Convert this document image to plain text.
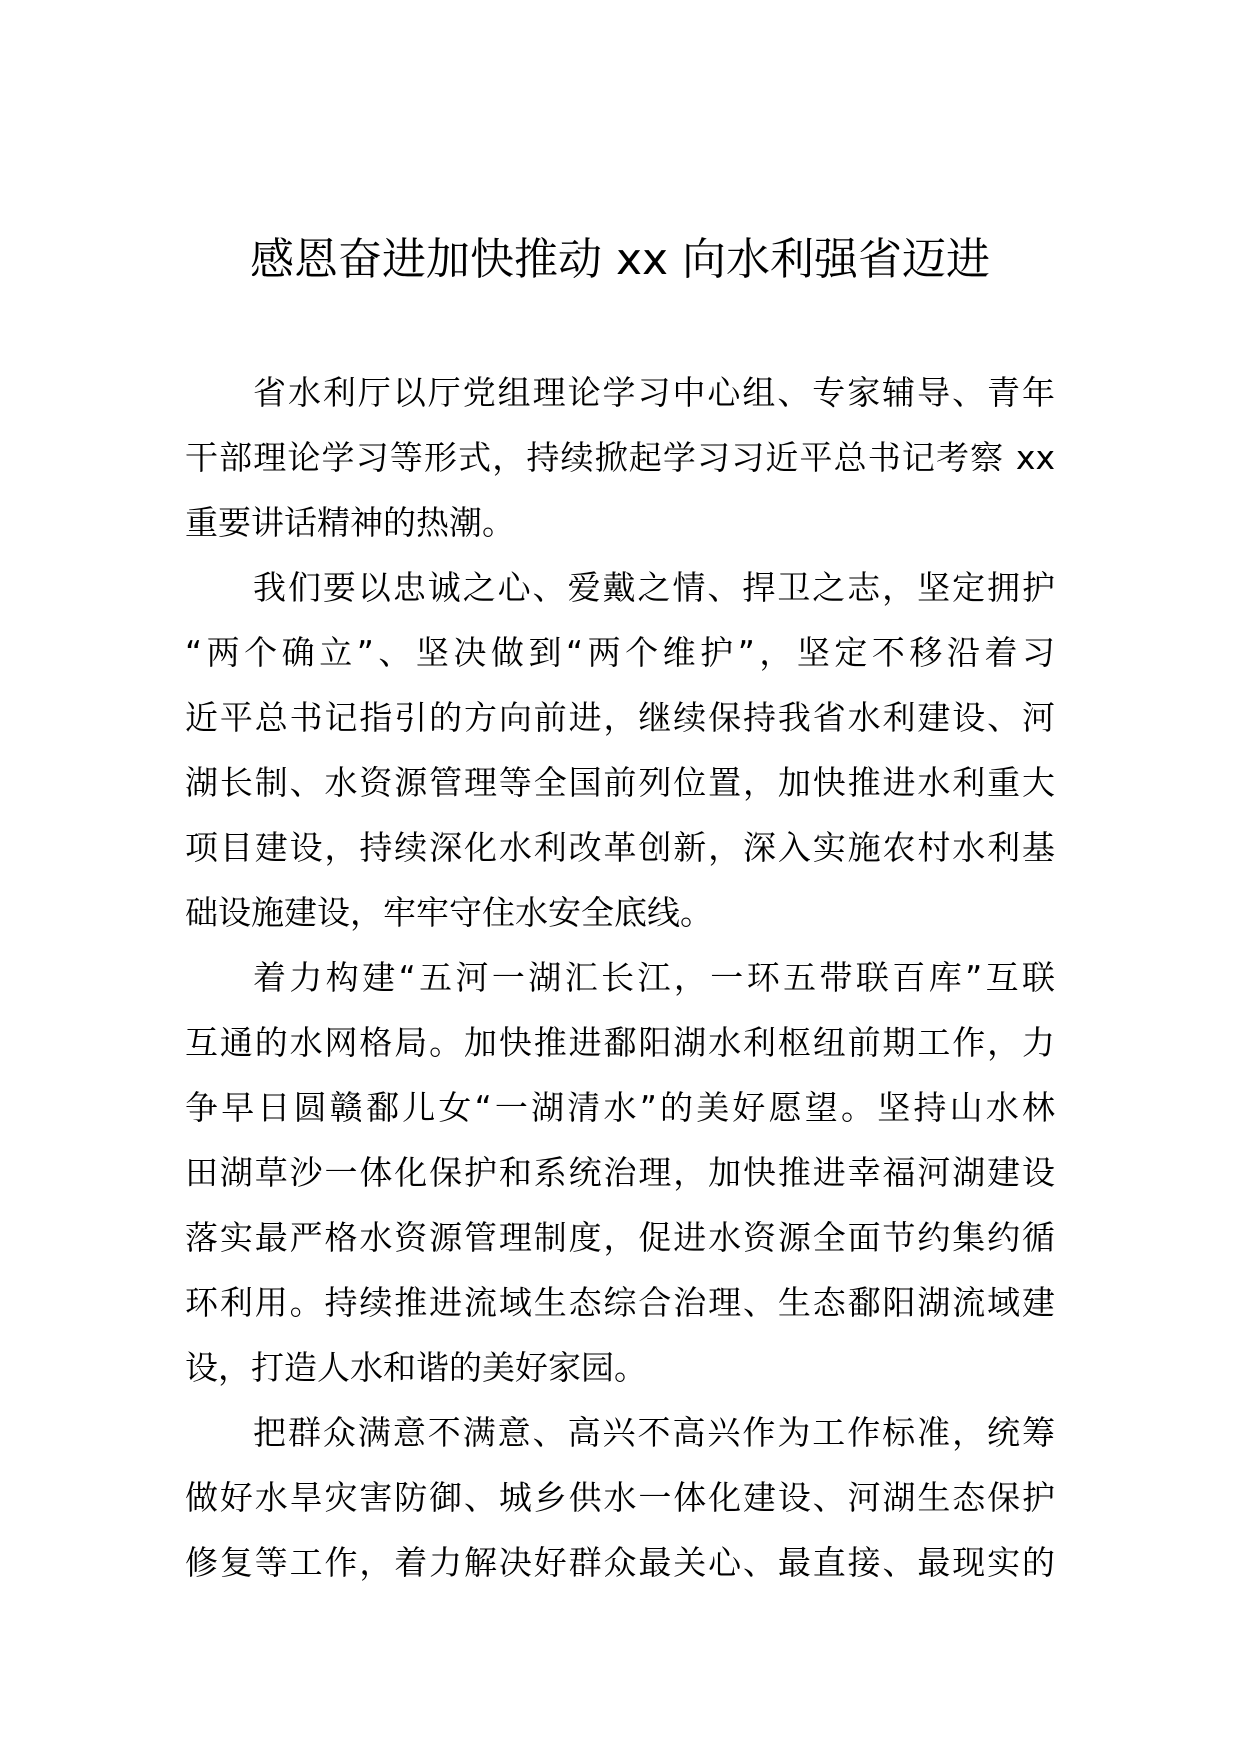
感恩奋进加快推动 xx 向水利强省迈进
省水利厅以厅党组理论学习中心组、专家辅导、青年
干部理论学习等形式，持续掀起学习习近平总书记考察 xx
重要讲话精神的热潮。
我们要以忠诚之心、爱戴之情、捍卫之志，坚定拥护
“两个确立”、坚决做到“两个维护”，坚定不移沿着习
近平总书记指引的方向前进，继续保持我省水利建设、河
湖长制、水资源管理等全国前列位置，加快推进水利重大
项目建设，持续深化水利改革创新，深入实施农村水利基
础设施建设，牢牢守住水安全底线。
着力构建“五河一湖汇长江，一环五带联百库”互联
互通的水网格局。加快推进鄱阳湖水利枢纽前期工作，力
争早日圆赣鄱儿女“一湖清水”的美好愿望。坚持山水林
田湖草沙一体化保护和系统治理，加快推进幸福河湖建设
落实最严格水资源管理制度，促进水资源全面节约集约循
环利用。持续推进流域生态综合治理、生态鄱阳湖流域建
设，打造人水和谐的美好家园。
把群众满意不满意、高兴不高兴作为工作标准，统筹
做好水旱灾害防御、城乡供水一体化建设、河湖生态保护
修复等工作，着力解决好群众最关心、最直接、最现实的
